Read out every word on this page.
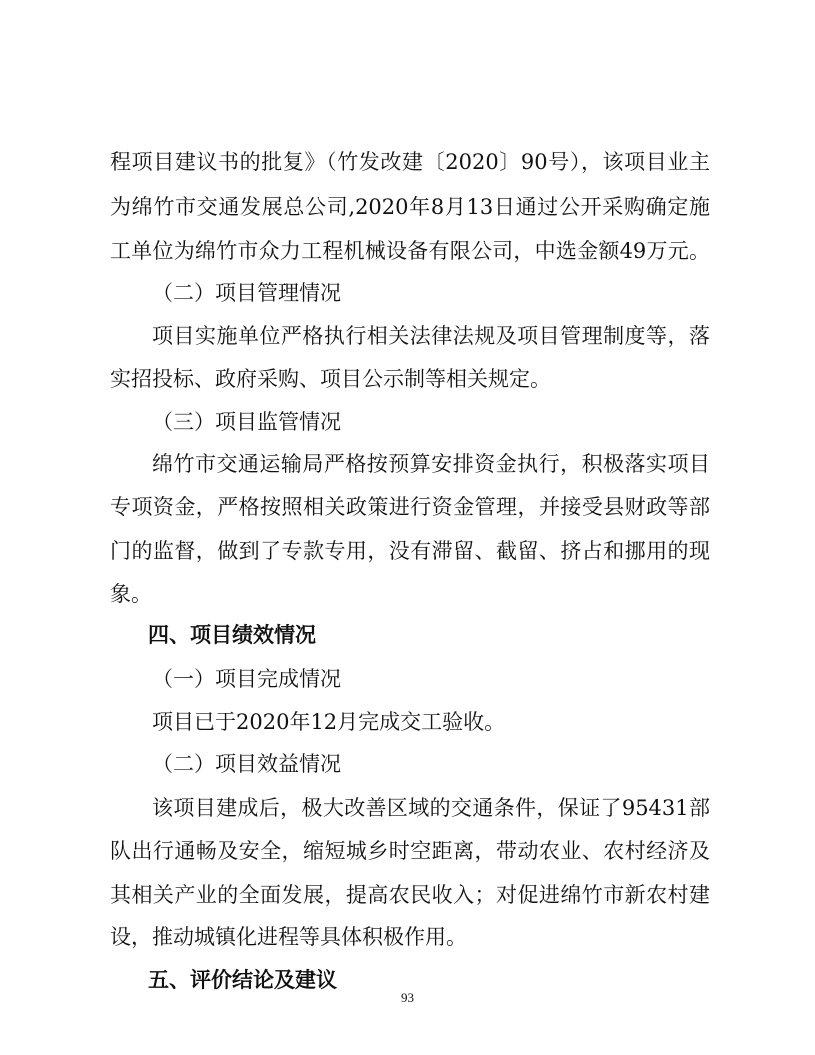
程项目建议书的批复》（竹发改建〔2020〕90号），该项目业主

为绵竹市交通发展总公司,2020年8月13日通过公开采购确定施

工单位为绵竹市众力工程机械设备有限公司，中选金额49万元。

（二）项目管理情况

项目实施单位严格执行相关法律法规及项目管理制度等，落

实招投标、政府采购、项目公示制等相关规定。

（三）项目监管情况

绵竹市交通运输局严格按预算安排资金执行，积极落实项目

专项资金，严格按照相关政策进行资金管理，并接受县财政等部

门的监督，做到了专款专用，没有滞留、截留、挤占和挪用的现

象。

四、项目绩效情况

（一）项目完成情况

项目已于2020年12月完成交工验收。

（二）项目效益情况

该项目建成后，极大改善区域的交通条件，保证了95431部

队出行通畅及安全，缩短城乡时空距离，带动农业、农村经济及

其相关产业的全面发展，提高农民收入；对促进绵竹市新农村建

设，推动城镇化进程等具体积极作用。

五、评价结论及建议

93
